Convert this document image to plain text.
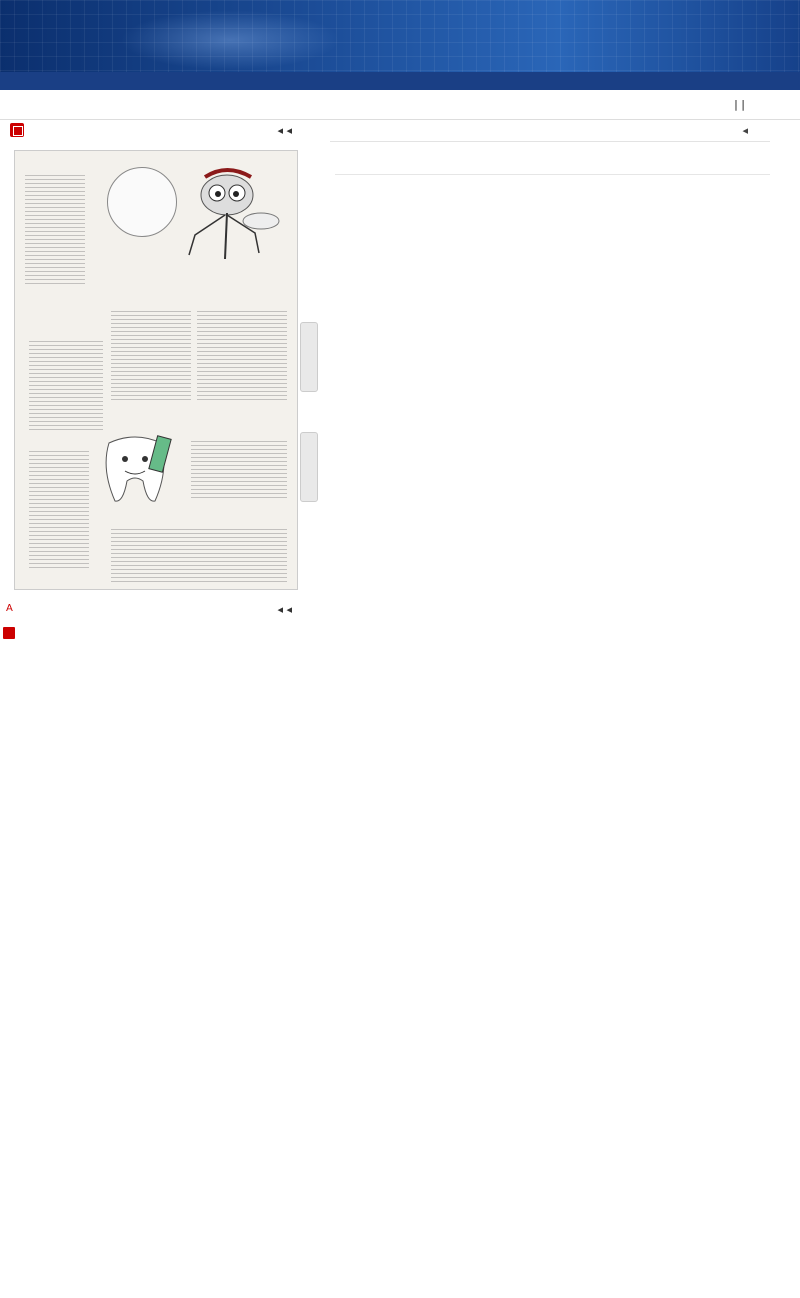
| |
◂ ◂
A	◂ ◂
◂
